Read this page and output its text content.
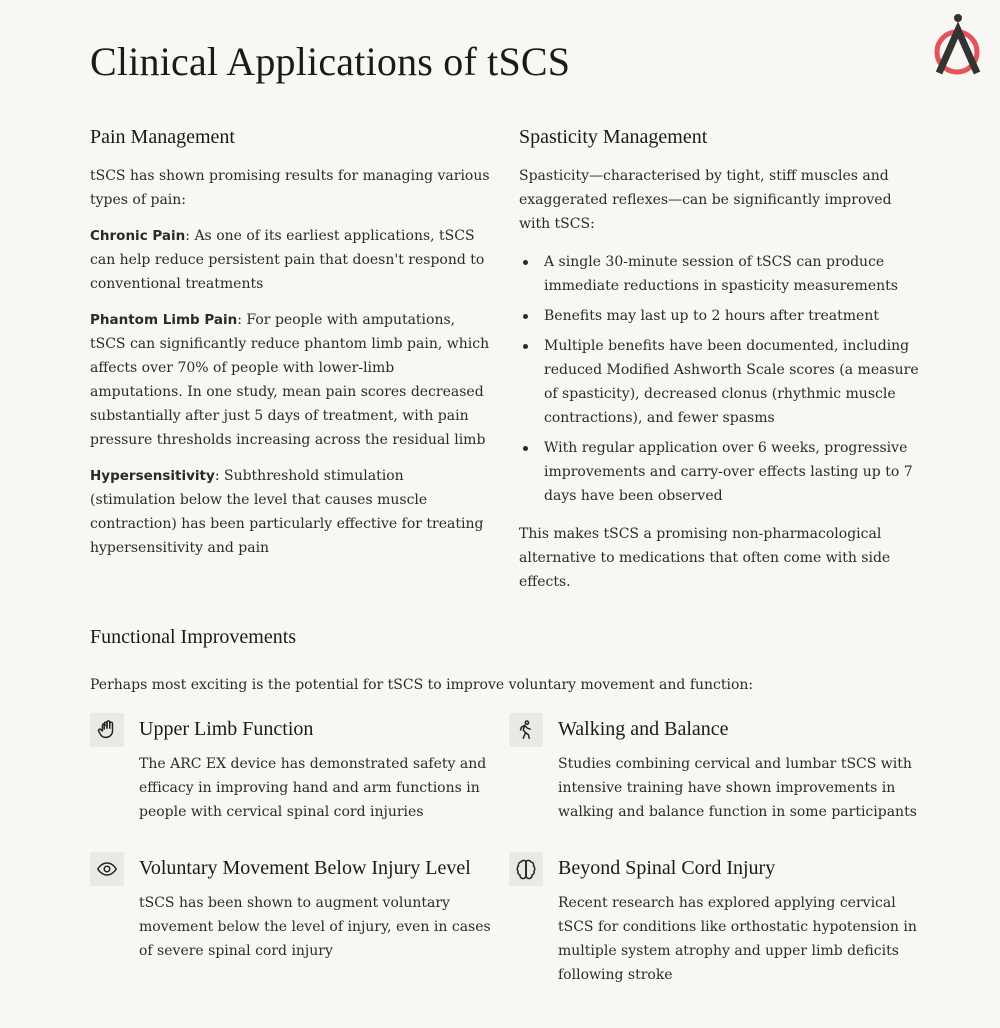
Clinical Applications of tSCS
Pain Management

tSCS has shown promising results for managing various types of pain:

Chronic Pain: As one of its earliest applications, tSCS can help reduce persistent pain that doesn't respond to conventional treatments

Phantom Limb Pain: For people with amputations, tSCS can significantly reduce phantom limb pain, which affects over 70% of people with lower-limb amputations. In one study, mean pain scores decreased substantially after just 5 days of treatment, with pain pressure thresholds increasing across the residual limb

Hypersensitivity: Subthreshold stimulation (stimulation below the level that causes muscle contraction) has been particularly effective for treating hypersensitivity and pain

Spasticity Management

Spasticity—characterised by tight, stiff muscles and exaggerated reflexes—can be significantly improved with tSCS:

A single 30-minute session of tSCS can produce immediate reductions in spasticity measurements
Benefits may last up to 2 hours after treatment
Multiple benefits have been documented, including reduced Modified Ashworth Scale scores (a measure of spasticity), decreased clonus (rhythmic muscle contractions), and fewer spasms
With regular application over 6 weeks, progressive improvements and carry-over effects lasting up to 7 days have been observed

This makes tSCS a promising non-pharmacological alternative to medications that often come with side effects.

Functional Improvements
Perhaps most exciting is the potential for tSCS to improve voluntary movement and function:
Upper Limb Function
The ARC EX device has demonstrated safety and efficacy in improving hand and arm functions in people with cervical spinal cord injuries
Walking and Balance
Studies combining cervical and lumbar tSCS with intensive training have shown improvements in walking and balance function in some participants
Voluntary Movement Below Injury Level
tSCS has been shown to augment voluntary movement below the level of injury, even in cases of severe spinal cord injury
Beyond Spinal Cord Injury
Recent research has explored applying cervical tSCS for conditions like orthostatic hypotension in multiple system atrophy and upper limb deficits following stroke
